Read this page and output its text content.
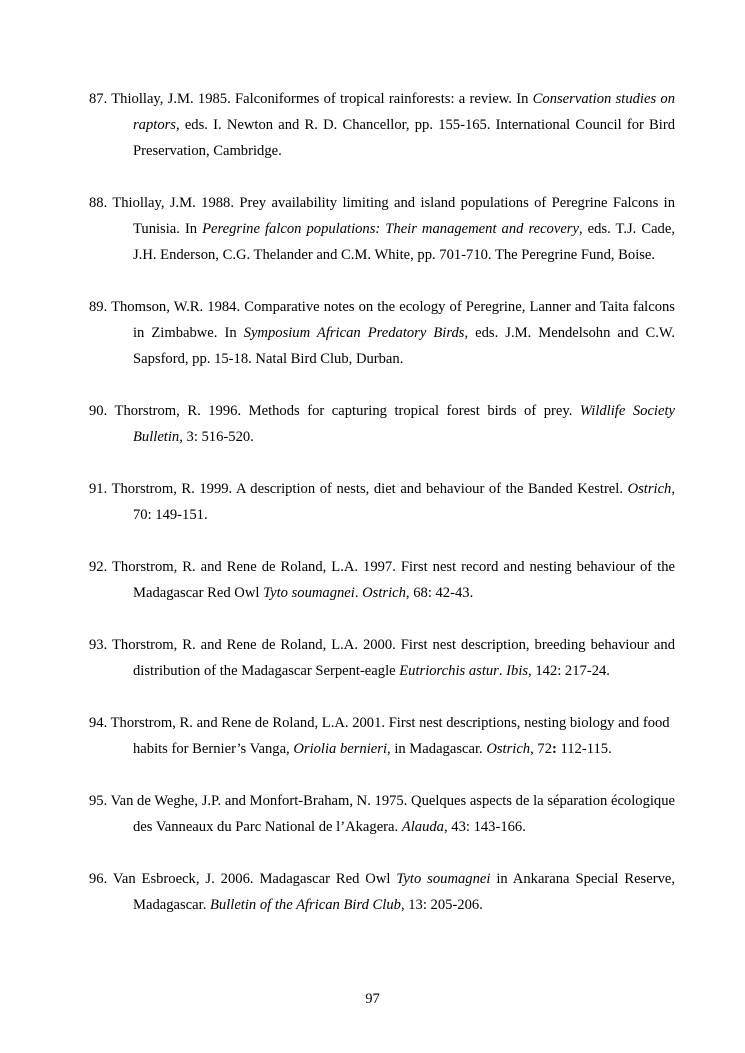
87. Thiollay, J.M. 1985. Falconiformes of tropical rainforests: a review. In Conservation studies on raptors, eds. I. Newton and R. D. Chancellor, pp. 155-165. International Council for Bird Preservation, Cambridge.

88. Thiollay, J.M. 1988. Prey availability limiting and island populations of Peregrine Falcons in Tunisia. In Peregrine falcon populations: Their management and recovery, eds. T.J. Cade, J.H. Enderson, C.G. Thelander and C.M. White, pp. 701-710. The Peregrine Fund, Boise.

89. Thomson, W.R. 1984. Comparative notes on the ecology of Peregrine, Lanner and Taita falcons in Zimbabwe. In Symposium African Predatory Birds, eds. J.M. Mendelsohn and C.W. Sapsford, pp. 15-18. Natal Bird Club, Durban.

90. Thorstrom, R. 1996. Methods for capturing tropical forest birds of prey. Wildlife Society Bulletin, 3: 516-520.

91. Thorstrom, R. 1999. A description of nests, diet and behaviour of the Banded Kestrel. Ostrich, 70: 149-151.

92. Thorstrom, R. and Rene de Roland, L.A. 1997. First nest record and nesting behaviour of the Madagascar Red Owl Tyto soumagnei. Ostrich, 68: 42-43.

93. Thorstrom, R. and Rene de Roland, L.A. 2000. First nest description, breeding behaviour and distribution of the Madagascar Serpent-eagle Eutriorchis astur. Ibis, 142: 217-24.

94. Thorstrom, R. and Rene de Roland, L.A. 2001. First nest descriptions, nesting biology and food habits for Bernier’s Vanga, Oriolia bernieri, in Madagascar. Ostrich, 72: 112-115.

95. Van de Weghe, J.P. and Monfort-Braham, N. 1975. Quelques aspects de la séparation écologique des Vanneaux du Parc National de l’Akagera. Alauda, 43: 143-166.

96. Van Esbroeck, J. 2006. Madagascar Red Owl Tyto soumagnei in Ankarana Special Reserve, Madagascar. Bulletin of the African Bird Club, 13: 205-206.

97
